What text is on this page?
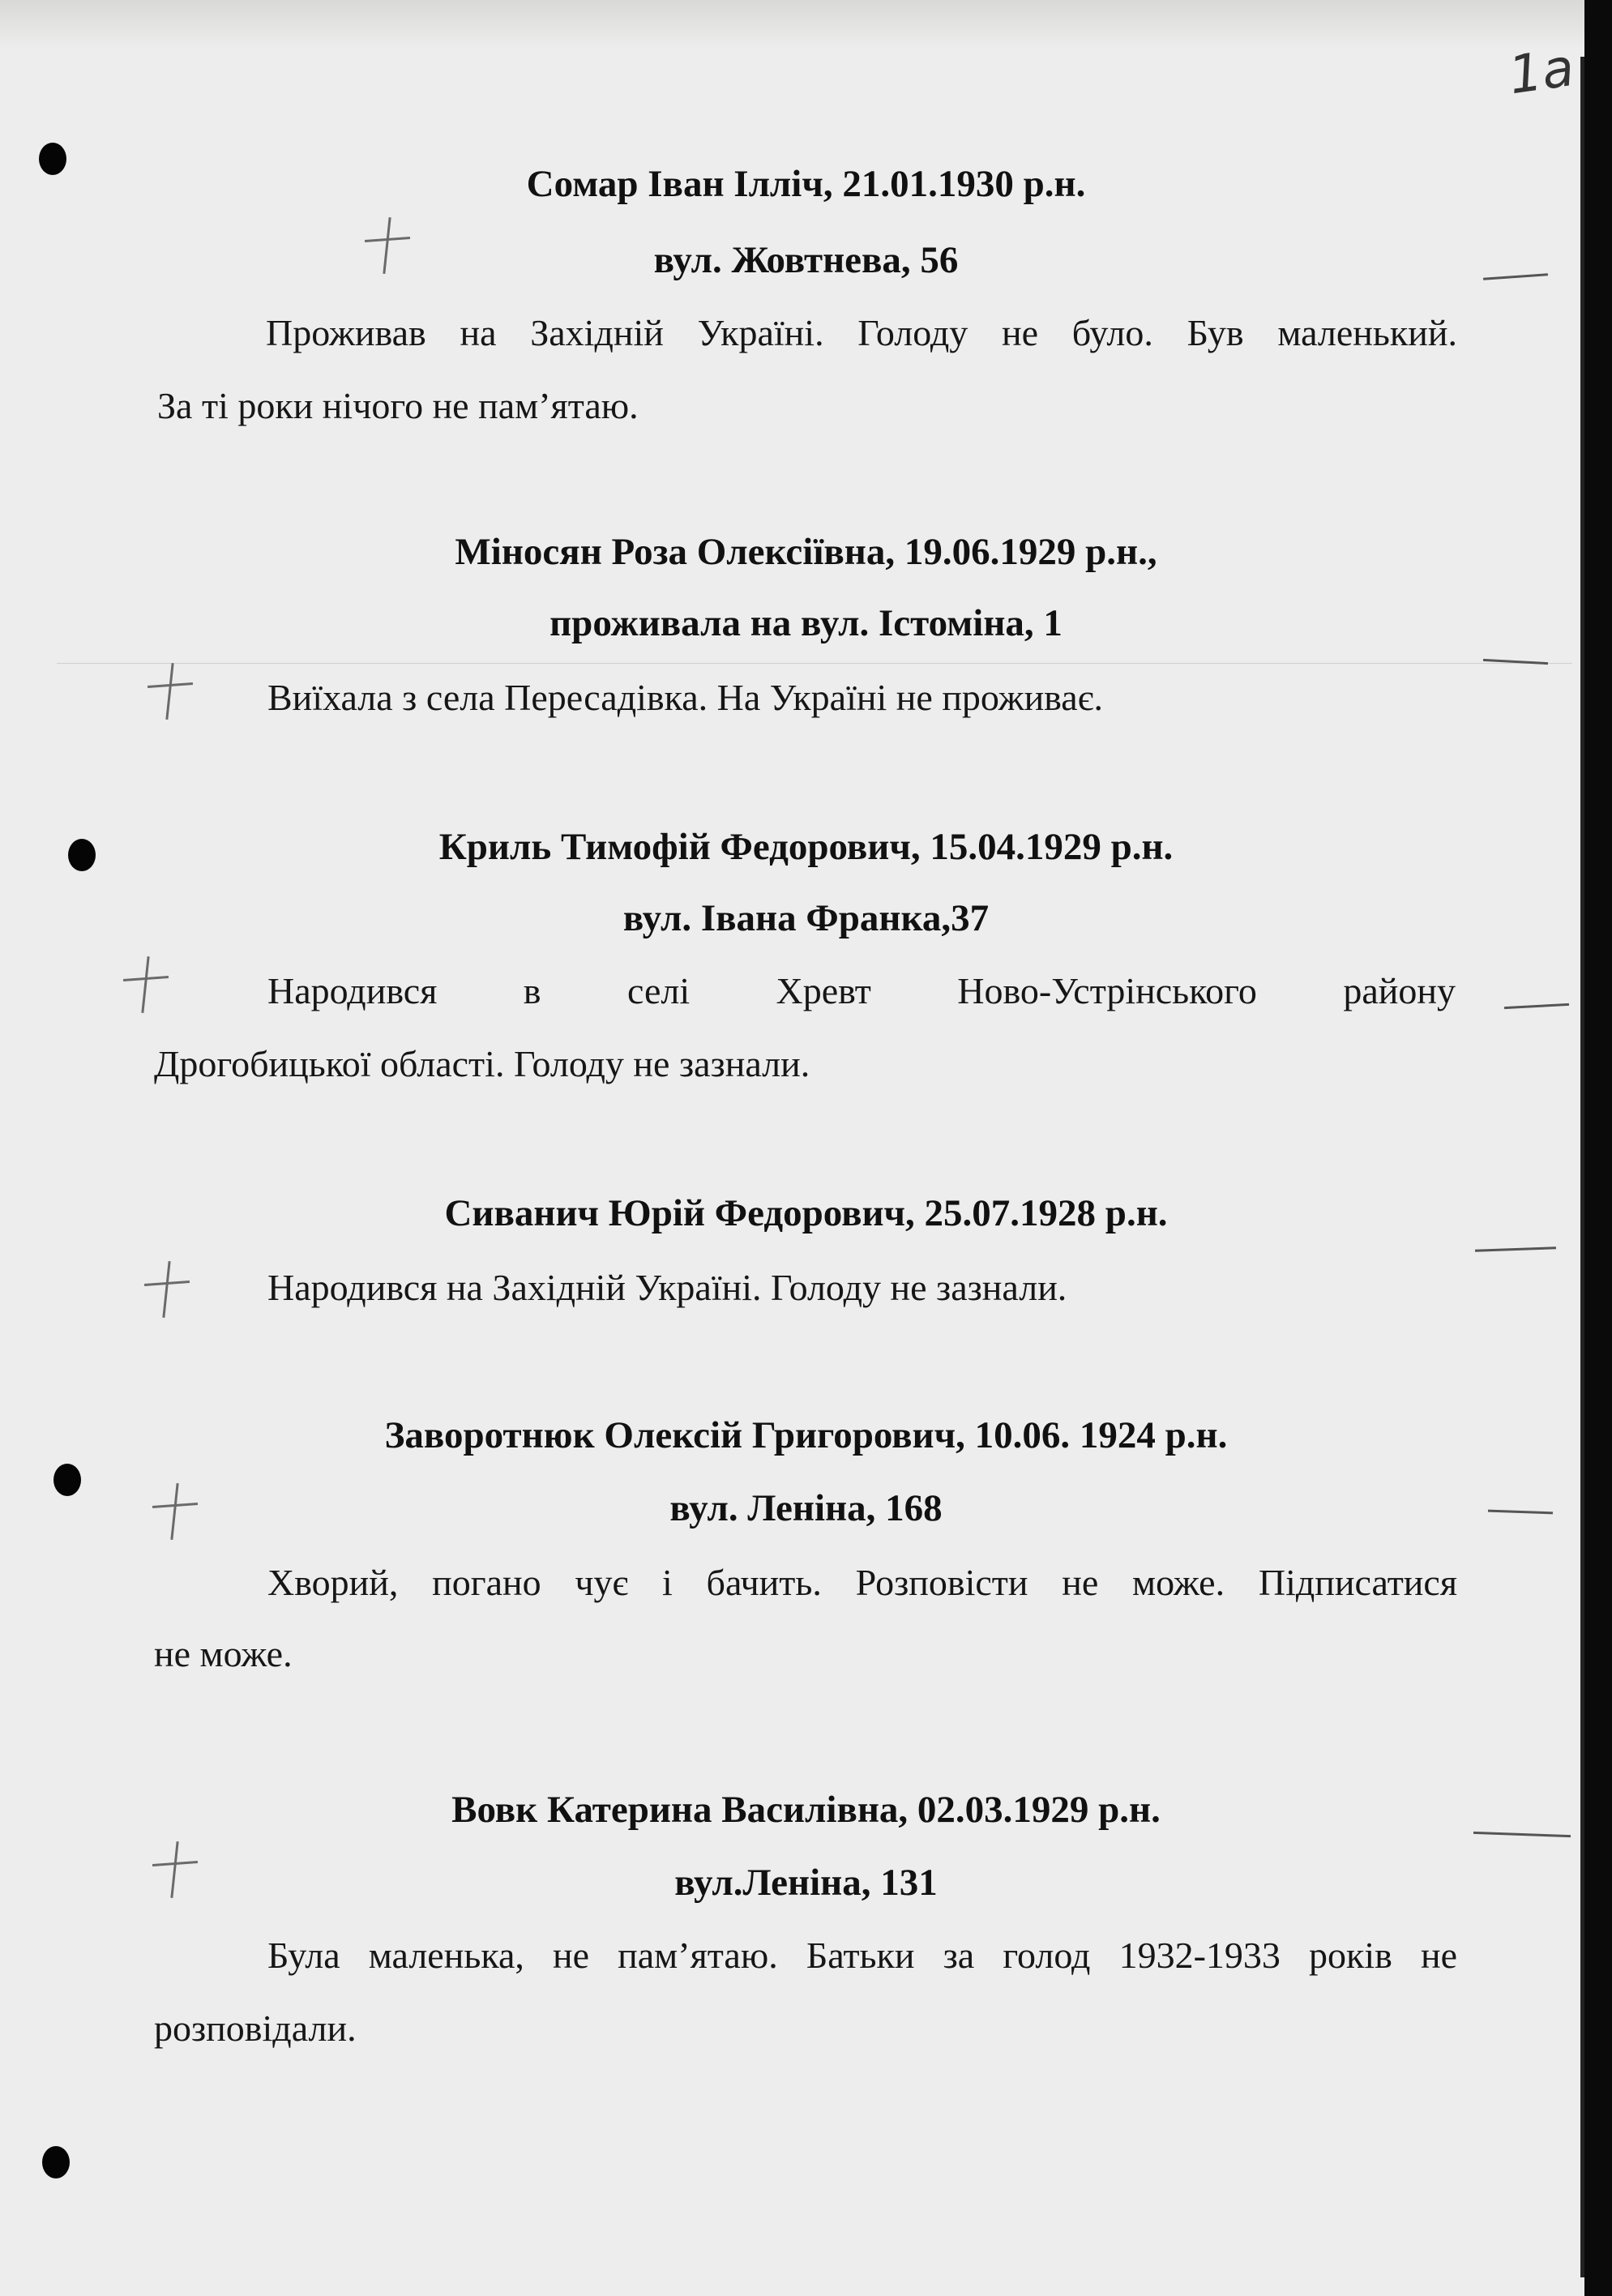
1a
Сомар Іван Ілліч, 21.01.1930 р.н.
вул. Жовтнева, 56
Проживав на Західній Україні. Голоду не було. Був маленький.
За ті роки нічого не пам’ятаю.
Міносян Роза Олексіївна, 19.06.1929 р.н.,
проживала на вул. Істоміна, 1
Виїхала з села Пересадівка. На Україні не проживає.
Криль Тимофій Федорович, 15.04.1929 р.н.
вул. Івана Франка,37
Народився в селі Хревт Ново-Устрінського району
Дрогобицької області. Голоду не зазнали.
Сиванич Юрій Федорович, 25.07.1928 р.н.
Народився на Західній Україні. Голоду не зазнали.
Заворотнюк Олексій Григорович, 10.06. 1924 р.н.
вул. Леніна, 168
Хворий, погано чує і бачить. Розповісти не може. Підписатися
не може.
Вовк Катерина Василівна, 02.03.1929 р.н.
вул.Леніна, 131
Була маленька, не пам’ятаю. Батьки за голод 1932-1933 років не
розповідали.
